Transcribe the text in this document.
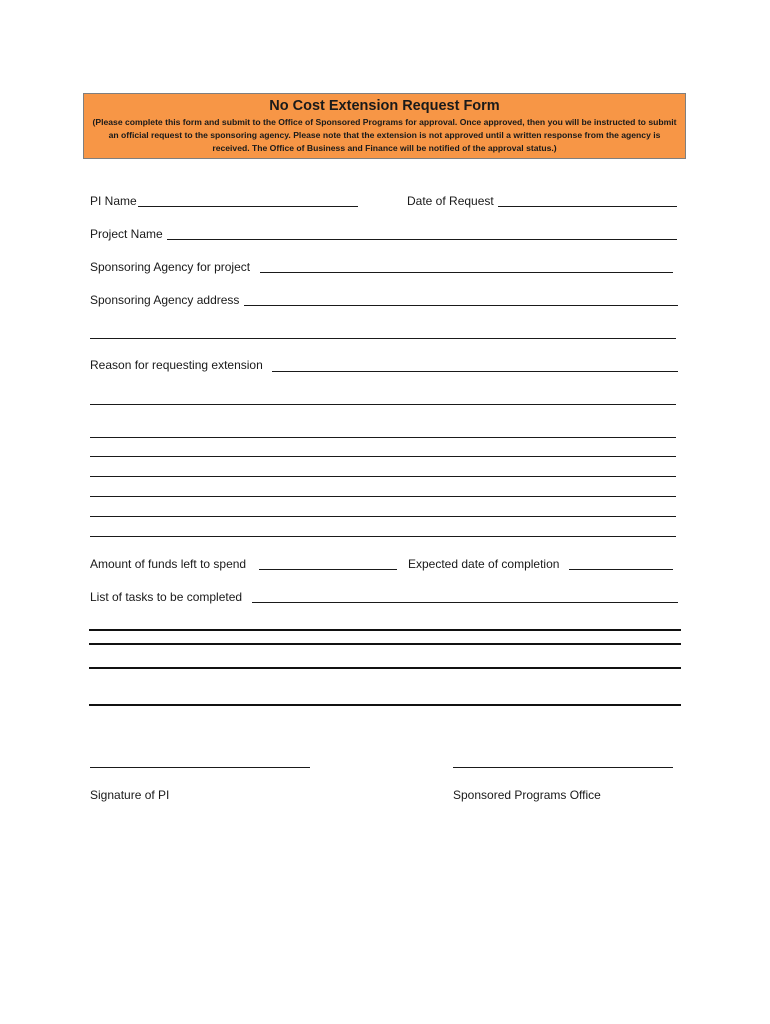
No Cost Extension Request Form
(Please complete this form and submit to the Office of Sponsored Programs for approval. Once approved, then you will be instructed to submit an official request to the sponsoring agency. Please note that the extension is not approved until a written response from the agency is received. The Office of Business and Finance will be notified of the approval status.)
PI Name	Date of Request
Project Name
Sponsoring Agency for project
Sponsoring Agency address
Reason for requesting extension
Amount of funds left to spend	Expected date of completion
List of tasks to be completed
Signature of PI	Sponsored Programs Office
